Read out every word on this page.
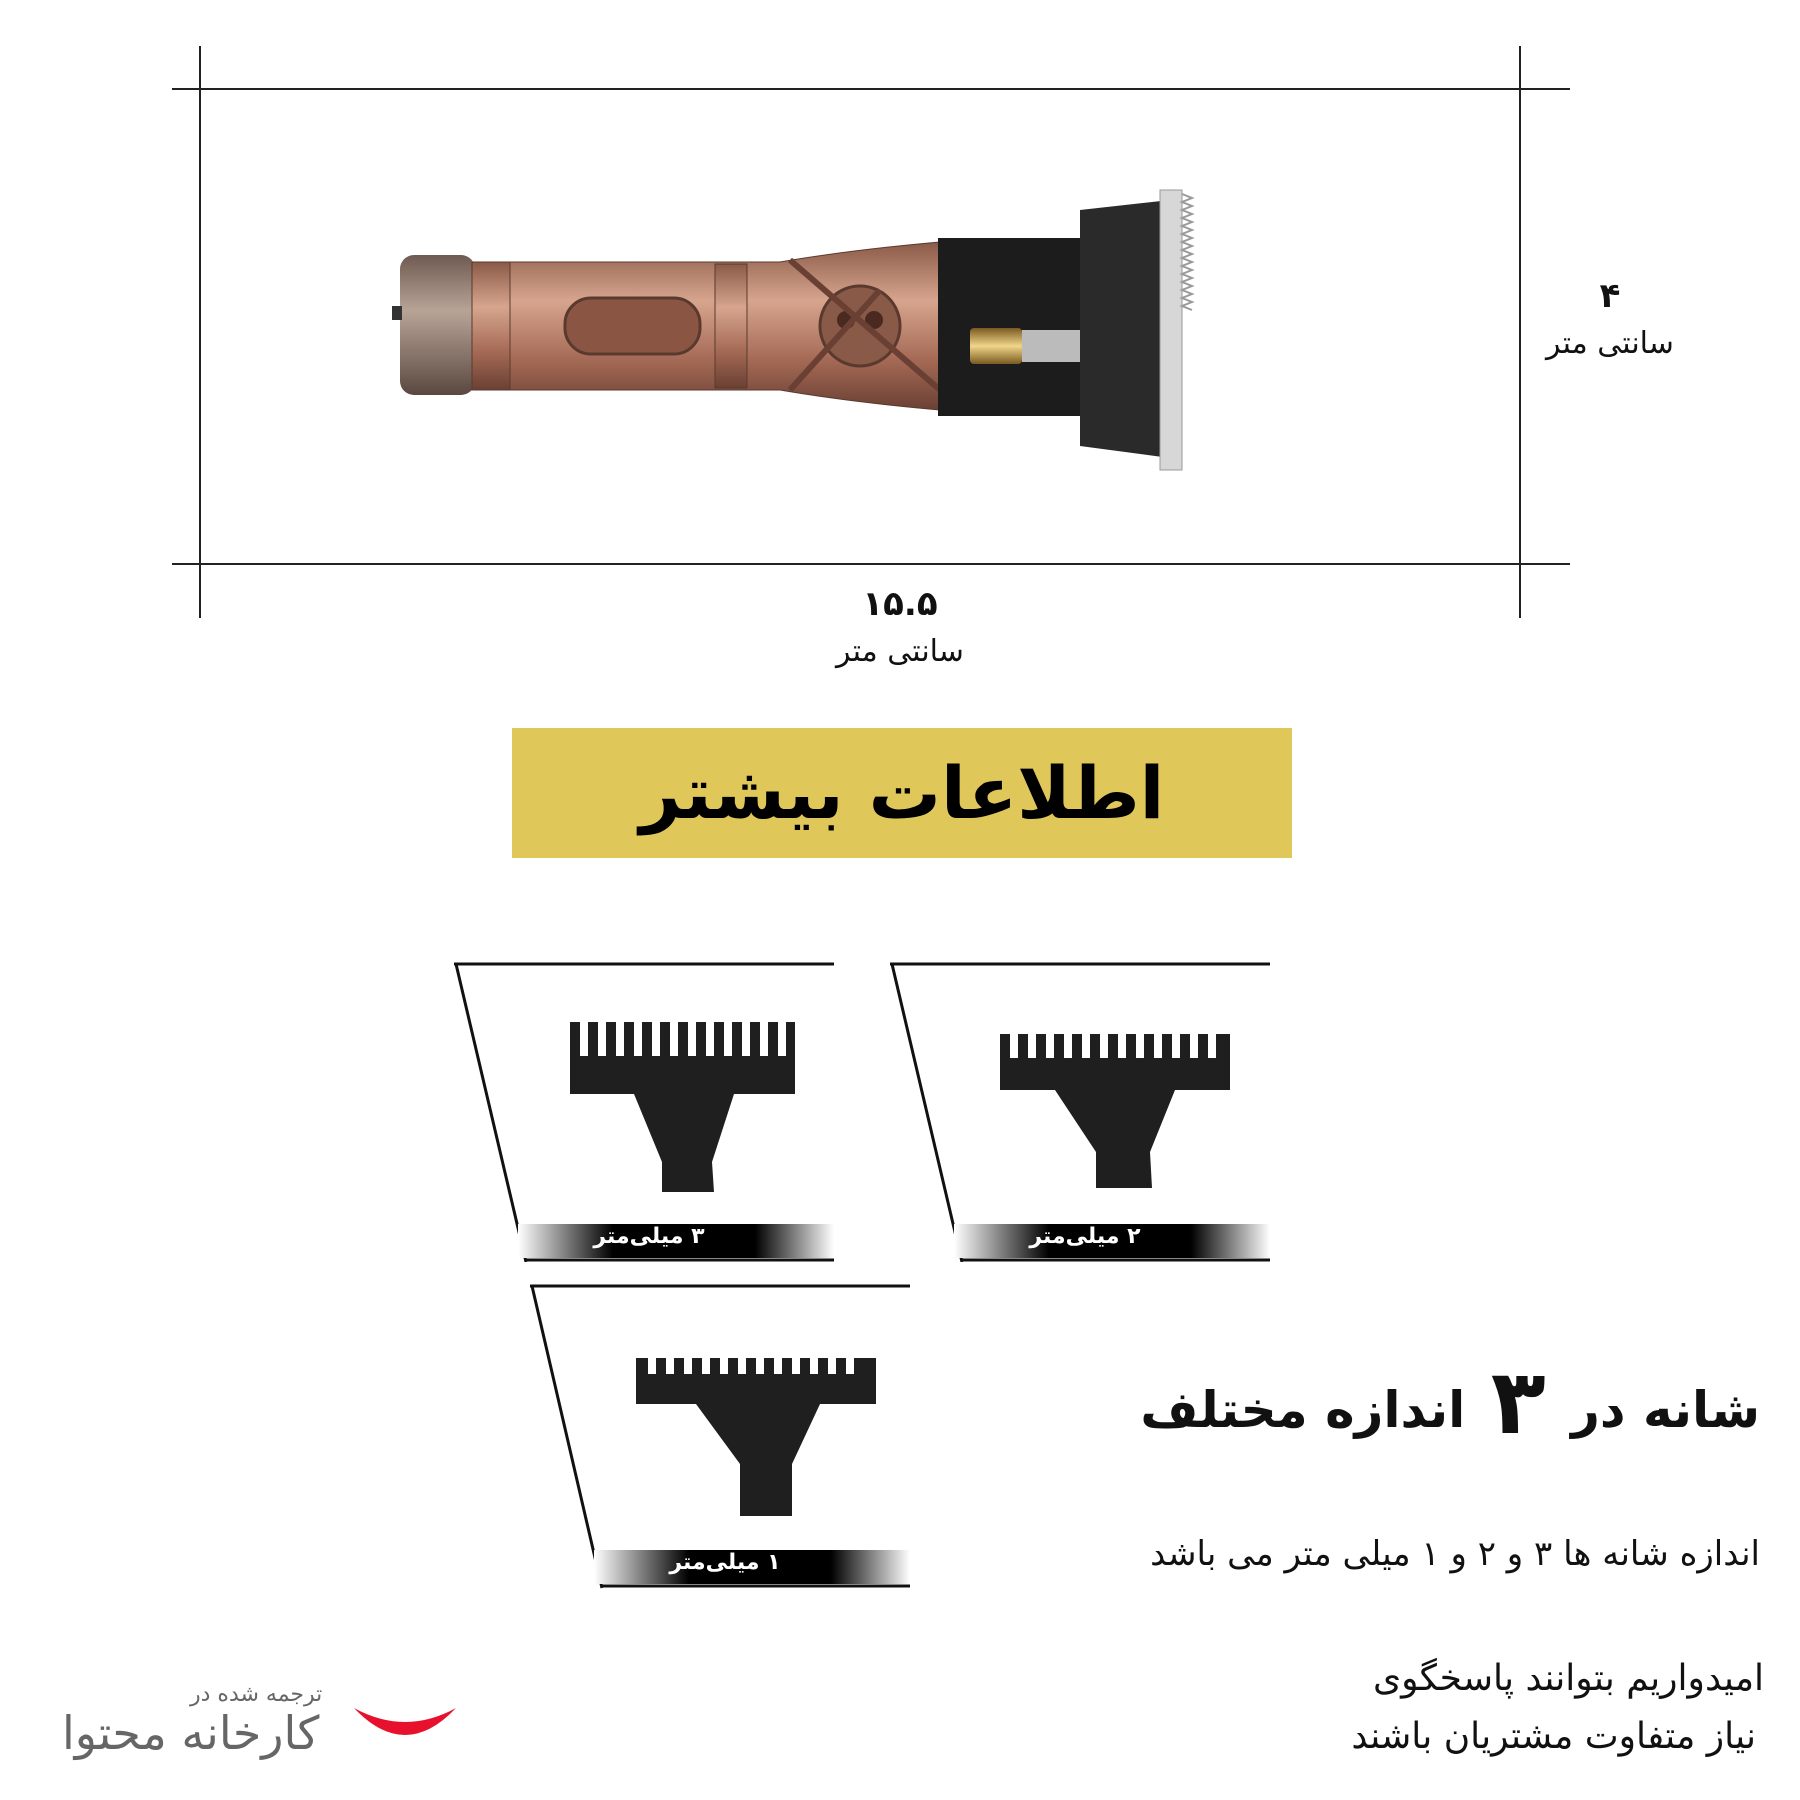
۱۵.۵
سانتی متر
۴
سانتی متر
اطلاعات بیشتر
۳ میلی‌متر	۲ میلی‌متر
۱ میلی‌متر
شانه در ۳ اندازه مختلف
اندازه شانه ها ۳ و ۲ و ۱ میلی متر می باشد
امیدواریم بتوانند پاسخگوی
نیاز متفاوت مشتریان باشند
ترجمه شده در
کارخانه محتوا
